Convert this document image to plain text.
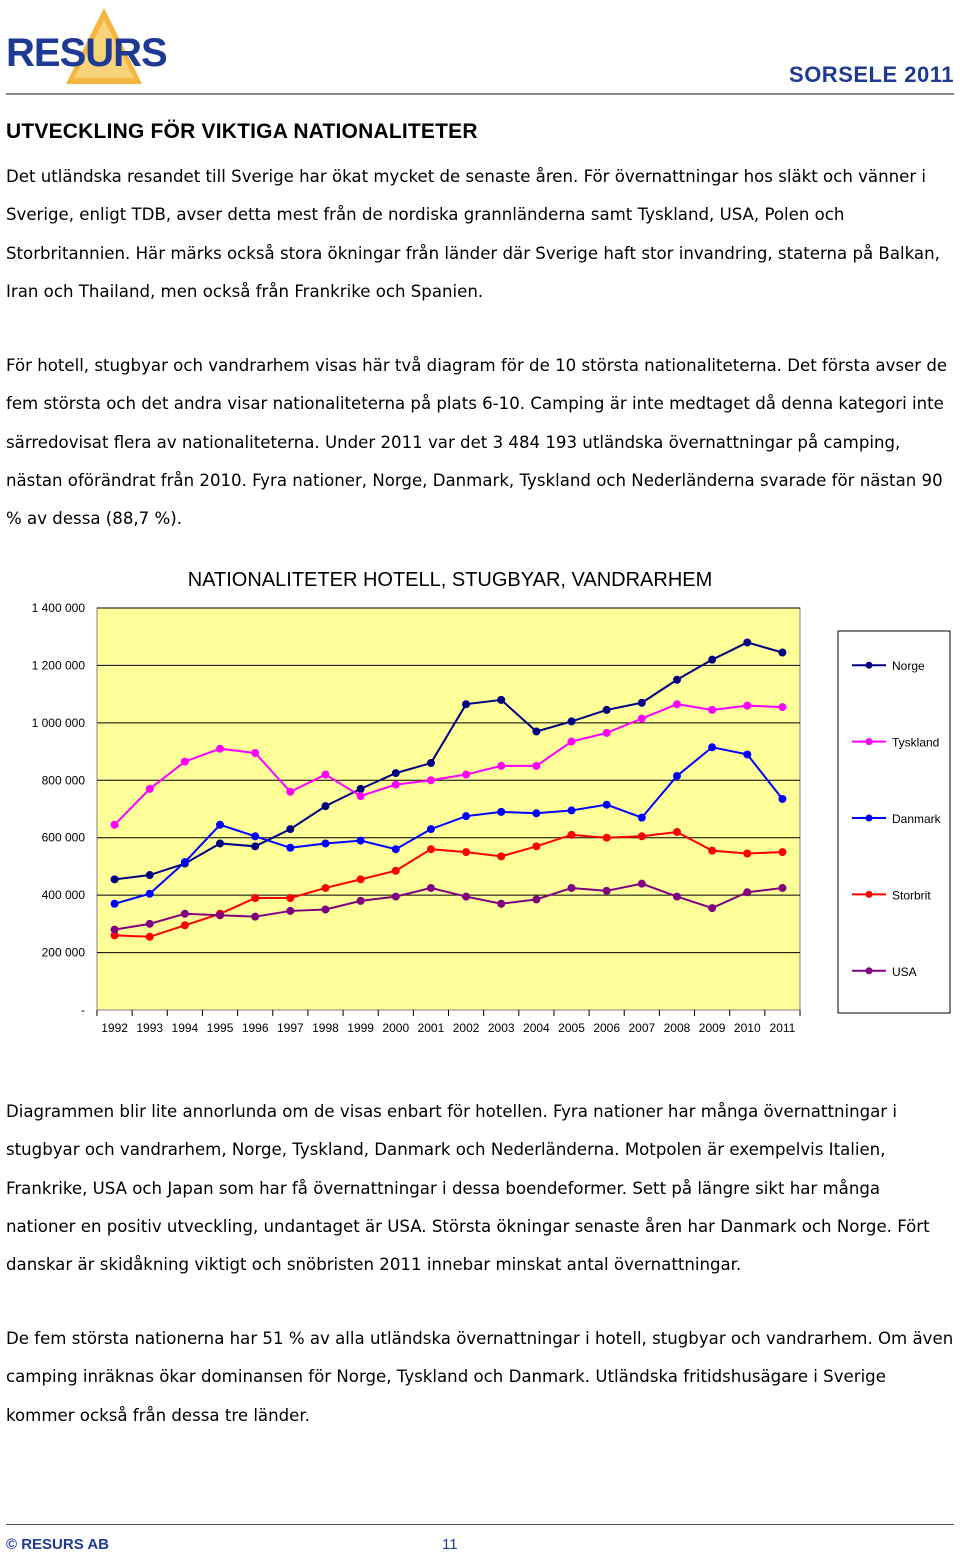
RESURS	SORSELE 2011
UTVECKLING FÖR VIKTIGA NATIONALITETER

Det utländska resandet till Sverige har ökat mycket de senaste åren. För övernattningar hos släkt och vänner i Sverige, enligt TDB, avser detta mest från de nordiska grannländerna samt Tyskland, USA, Polen och Storbritannien. Här märks också stora ökningar från länder där Sverige haft stor invandring, staterna på Balkan, Iran och Thailand, men också från Frankrike och Spanien.

För hotell, stugbyar och vandrarhem visas här två diagram för de 10 största nationaliteterna. Det första avser de fem största och det andra visar nationaliteterna på plats 6-10. Camping är inte medtaget då denna kategori inte särredovisat flera av nationaliteterna. Under 2011 var det 3 484 193 utländska övernattningar på camping, nästan oförändrat från 2010. Fyra nationer, Norge, Danmark, Tyskland och Nederländerna svarade för nästan 90 % av dessa (88,7 %).

NATIONALITETER HOTELL, STUGBYAR, VANDRARHEM
-
200 000
400 000
600 000
800 000
1 000 000
1 200 000
1 400 000
1992 1993 1994 1995 1996 1997 1998 1999 2000 2001 2002 2003 2004 2005 2006 2007 2008 2009 2010 2011
Norge
Tyskland
Danmark
Storbrit
USA

Diagrammen blir lite annorlunda om de visas enbart för hotellen. Fyra nationer har många övernattningar i stugbyar och vandrarhem, Norge, Tyskland, Danmark och Nederländerna. Motpolen är exempelvis Italien, Frankrike, USA och Japan som har få övernattningar i dessa boendeformer. Sett på längre sikt har många nationer en positiv utveckling, undantaget är USA. Största ökningar senaste åren har Danmark och Norge. Fört danskar är skidåkning viktigt och snöbristen 2011 innebar minskat antal övernattningar.

De fem största nationerna har 51 % av alla utländska övernattningar i hotell, stugbyar och vandrarhem. Om även camping inräknas ökar dominansen för Norge, Tyskland och Danmark. Utländska fritidshusägare i Sverige kommer också från dessa tre länder.

© RESURS AB	11
